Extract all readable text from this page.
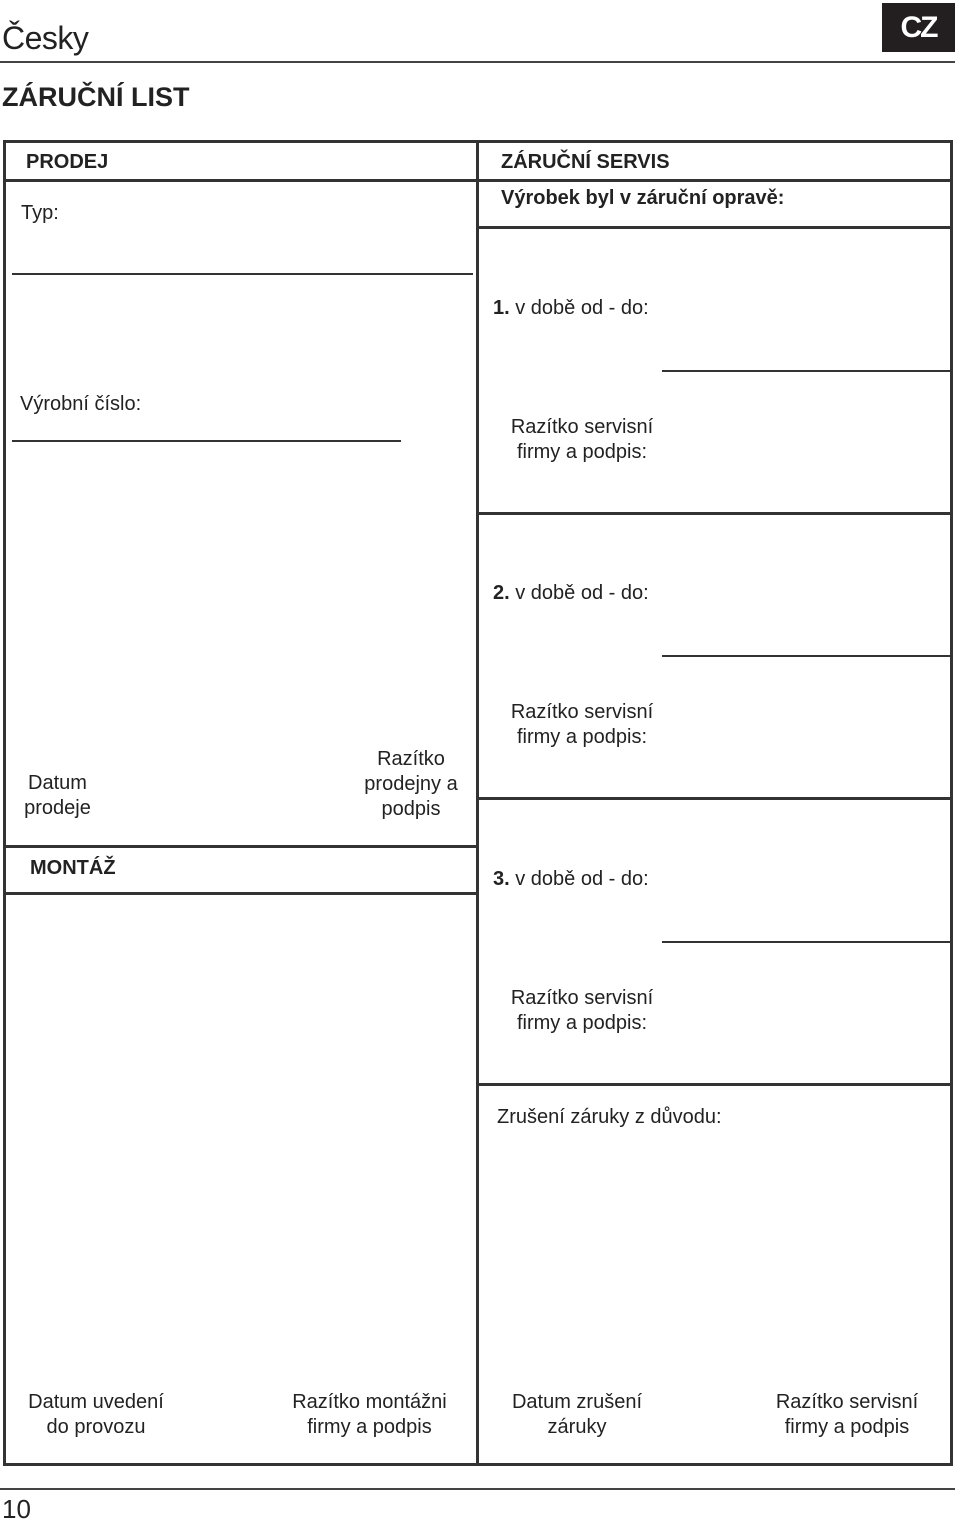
Česky	CZ
ZÁRUČNÍ LIST
PRODEJ
Typ:
Výrobní číslo:
Datum
prodeje
Razítko
prodejny a
podpis
MONTÁŽ
ZÁRUČNÍ SERVIS
Výrobek byl v záruční opravě:
1. v době od - do:
Razítko servisní
firmy a podpis:
2. v době od - do:
Razítko servisní
firmy a podpis:
3. v době od - do:
Razítko servisní
firmy a podpis:
Zrušení záruky z důvodu:
Datum uvedení
do provozu
Razítko montážni
firmy a podpis
Datum zrušení
záruky
Razítko servisní
firmy a podpis
10
